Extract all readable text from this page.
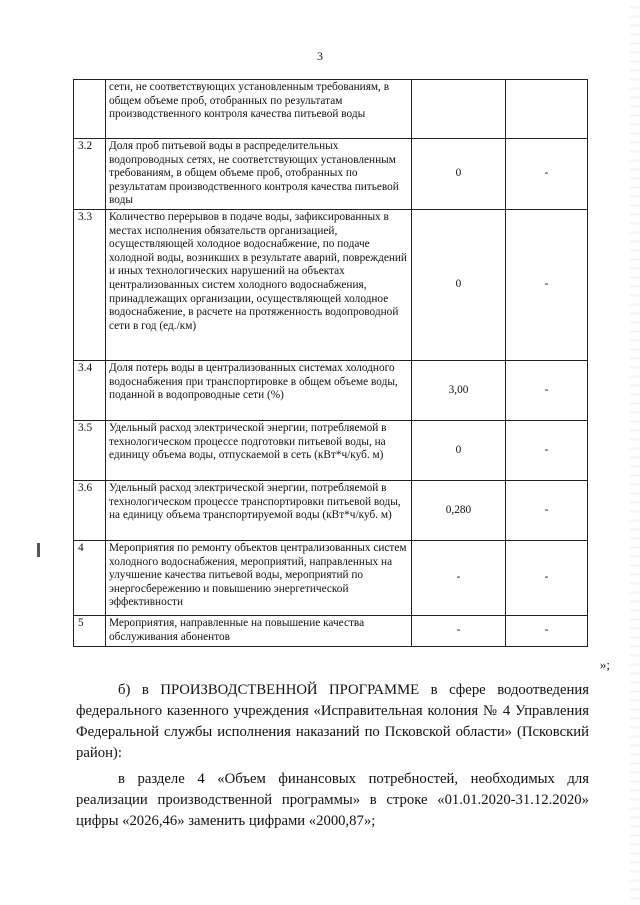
3
	сети, не соответствующих установленным требованиям, в общем объеме проб, отобранных по результатам производственного контроля качества питьевой воды		
3.2	Доля проб питьевой воды в распределительных водопроводных сетях, не соответствующих установленным требованиям, в общем объеме проб, отобранных по результатам производственного контроля качества питьевой воды	0	-
3.3	Количество перерывов в подаче воды, зафиксированных в местах исполнения обязательств организацией, осуществляющей холодное водоснабжение, по подаче холодной воды, возникших в результате аварий, повреждений и иных технологических нарушений на объектах централизованных систем холодного водоснабжения, принадлежащих организации, осуществляющей холодное водоснабжение, в расчете на протяженность водопроводной сети в год (ед./км)	0	-
3.4	Доля потерь воды в централизованных системах холодного водоснабжения при транспортировке в общем объеме воды, поданной в водопроводные сети (%)	3,00	-
3.5	Удельный расход электрической энергии, потребляемой в технологическом процессе подготовки питьевой воды, на единицу объема воды, отпускаемой в сеть (кВт*ч/куб. м)	0	-
3.6	Удельный расход электрической энергии, потребляемой в технологическом процессе транспортировки питьевой воды, на единицу объема транспортируемой воды (кВт*ч/куб. м)	0,280	-
4	Мероприятия по ремонту объектов централизованных систем холодного водоснабжения, мероприятий, направленных на улучшение качества питьевой воды, мероприятий по энергосбережению и повышению энергетической эффективности	-	-
5	Мероприятия, направленные на повышение качества обслуживания абонентов	-	-
»;
б) в ПРОИЗВОДСТВЕННОЙ ПРОГРАММЕ в сфере водоотведения федерального казенного учреждения «Исправительная колония № 4 Управления Федеральной службы исполнения наказаний по Псковской области» (Псковский район):
в разделе 4 «Объем финансовых потребностей, необходимых для реализации производственной программы» в строке «01.01.2020-31.12.2020» цифры «2026,46» заменить цифрами «2000,87»;
